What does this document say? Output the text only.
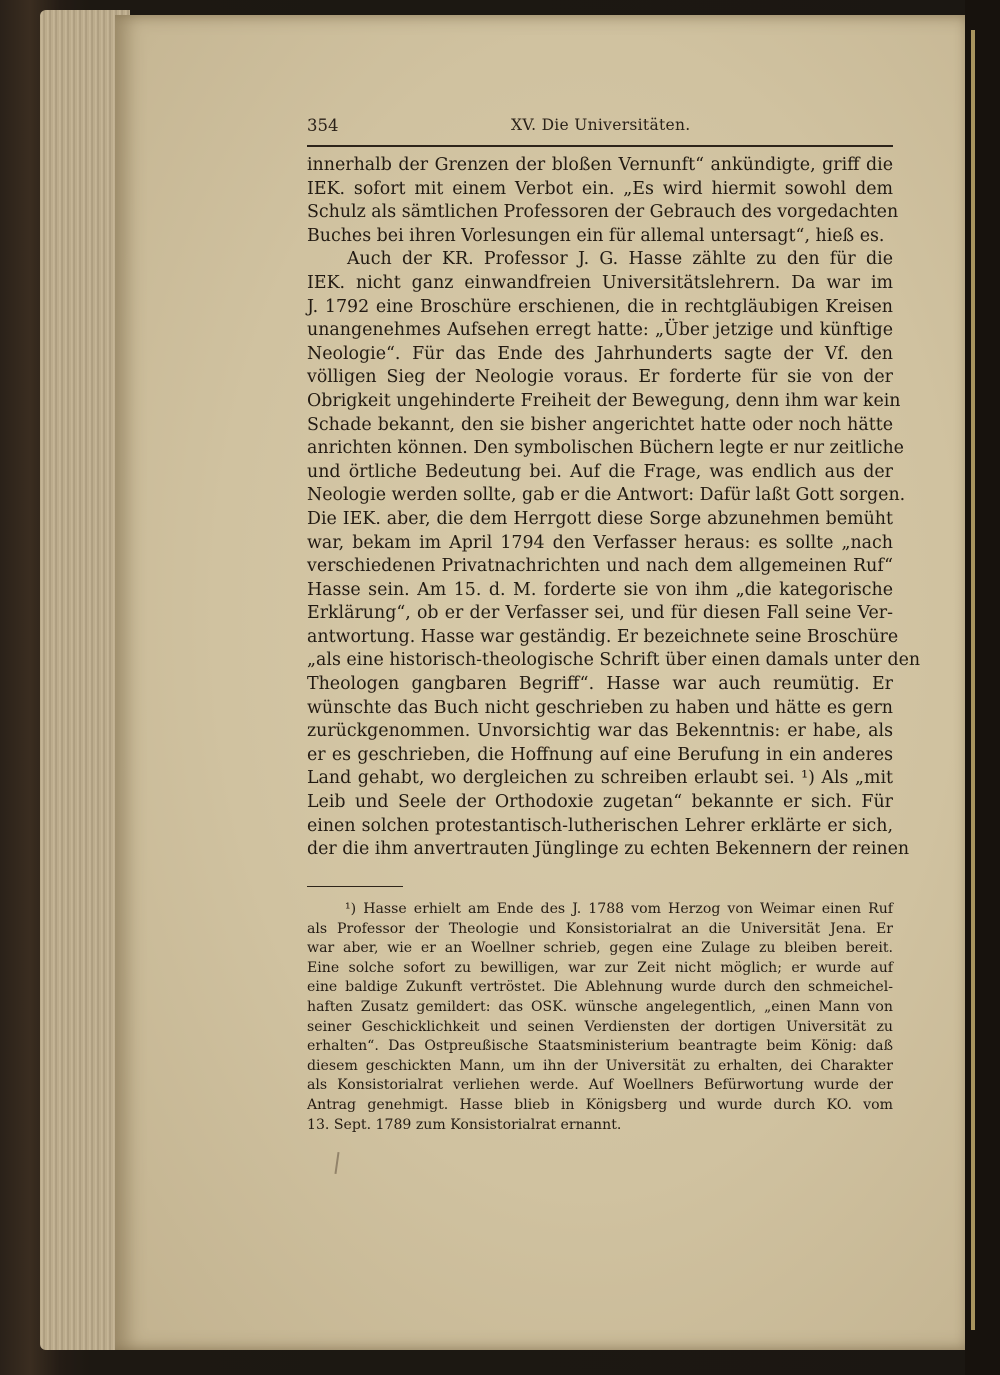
354	XV. Die Universitäten.
innerhalb der Grenzen der bloßen Vernunft“ ankündigte, griff die
IEK. sofort mit einem Verbot ein. „Es wird hiermit sowohl dem
Schulz als sämtlichen Professoren der Gebrauch des vorgedachten
Buches bei ihren Vorlesungen ein für allemal untersagt“, hieß es.
Auch der KR. Professor J. G. Hasse zählte zu den für die
IEK. nicht ganz einwandfreien Universitätslehrern. Da war im
J. 1792 eine Broschüre erschienen, die in rechtgläubigen Kreisen
unangenehmes Aufsehen erregt hatte: „Über jetzige und künftige
Neologie“. Für das Ende des Jahrhunderts sagte der Vf. den
völligen Sieg der Neologie voraus. Er forderte für sie von der
Obrigkeit ungehinderte Freiheit der Bewegung, denn ihm war kein
Schade bekannt, den sie bisher angerichtet hatte oder noch hätte
anrichten können. Den symbolischen Büchern legte er nur zeitliche
und örtliche Bedeutung bei. Auf die Frage, was endlich aus der
Neologie werden sollte, gab er die Antwort: Dafür laßt Gott sorgen.
Die IEK. aber, die dem Herrgott diese Sorge abzunehmen bemüht
war, bekam im April 1794 den Verfasser heraus: es sollte „nach
verschiedenen Privatnachrichten und nach dem allgemeinen Ruf“
Hasse sein. Am 15. d. M. forderte sie von ihm „die kategorische
Erklärung“, ob er der Verfasser sei, und für diesen Fall seine Ver-
antwortung. Hasse war geständig. Er bezeichnete seine Broschüre
„als eine historisch-theologische Schrift über einen damals unter den
Theologen gangbaren Begriff“. Hasse war auch reumütig. Er
wünschte das Buch nicht geschrieben zu haben und hätte es gern
zurückgenommen. Unvorsichtig war das Bekenntnis: er habe, als
er es geschrieben, die Hoffnung auf eine Berufung in ein anderes
Land gehabt, wo dergleichen zu schreiben erlaubt sei. ¹) Als „mit
Leib und Seele der Orthodoxie zugetan“ bekannte er sich. Für
einen solchen protestantisch-lutherischen Lehrer erklärte er sich,
der die ihm anvertrauten Jünglinge zu echten Bekennern der reinen
¹) Hasse erhielt am Ende des J. 1788 vom Herzog von Weimar einen Ruf
als Professor der Theologie und Konsistorialrat an die Universität Jena. Er
war aber, wie er an Woellner schrieb, gegen eine Zulage zu bleiben bereit.
Eine solche sofort zu bewilligen, war zur Zeit nicht möglich; er wurde auf
eine baldige Zukunft vertröstet. Die Ablehnung wurde durch den schmeichel-
haften Zusatz gemildert: das OSK. wünsche angelegentlich, „einen Mann von
seiner Geschicklichkeit und seinen Verdiensten der dortigen Universität zu
erhalten“. Das Ostpreußische Staatsministerium beantragte beim König: daß
diesem geschickten Mann, um ihn der Universität zu erhalten, dei Charakter
als Konsistorialrat verliehen werde. Auf Woellners Befürwortung wurde der
Antrag genehmigt. Hasse blieb in Königsberg und wurde durch KO. vom
13. Sept. 1789 zum Konsistorialrat ernannt.
